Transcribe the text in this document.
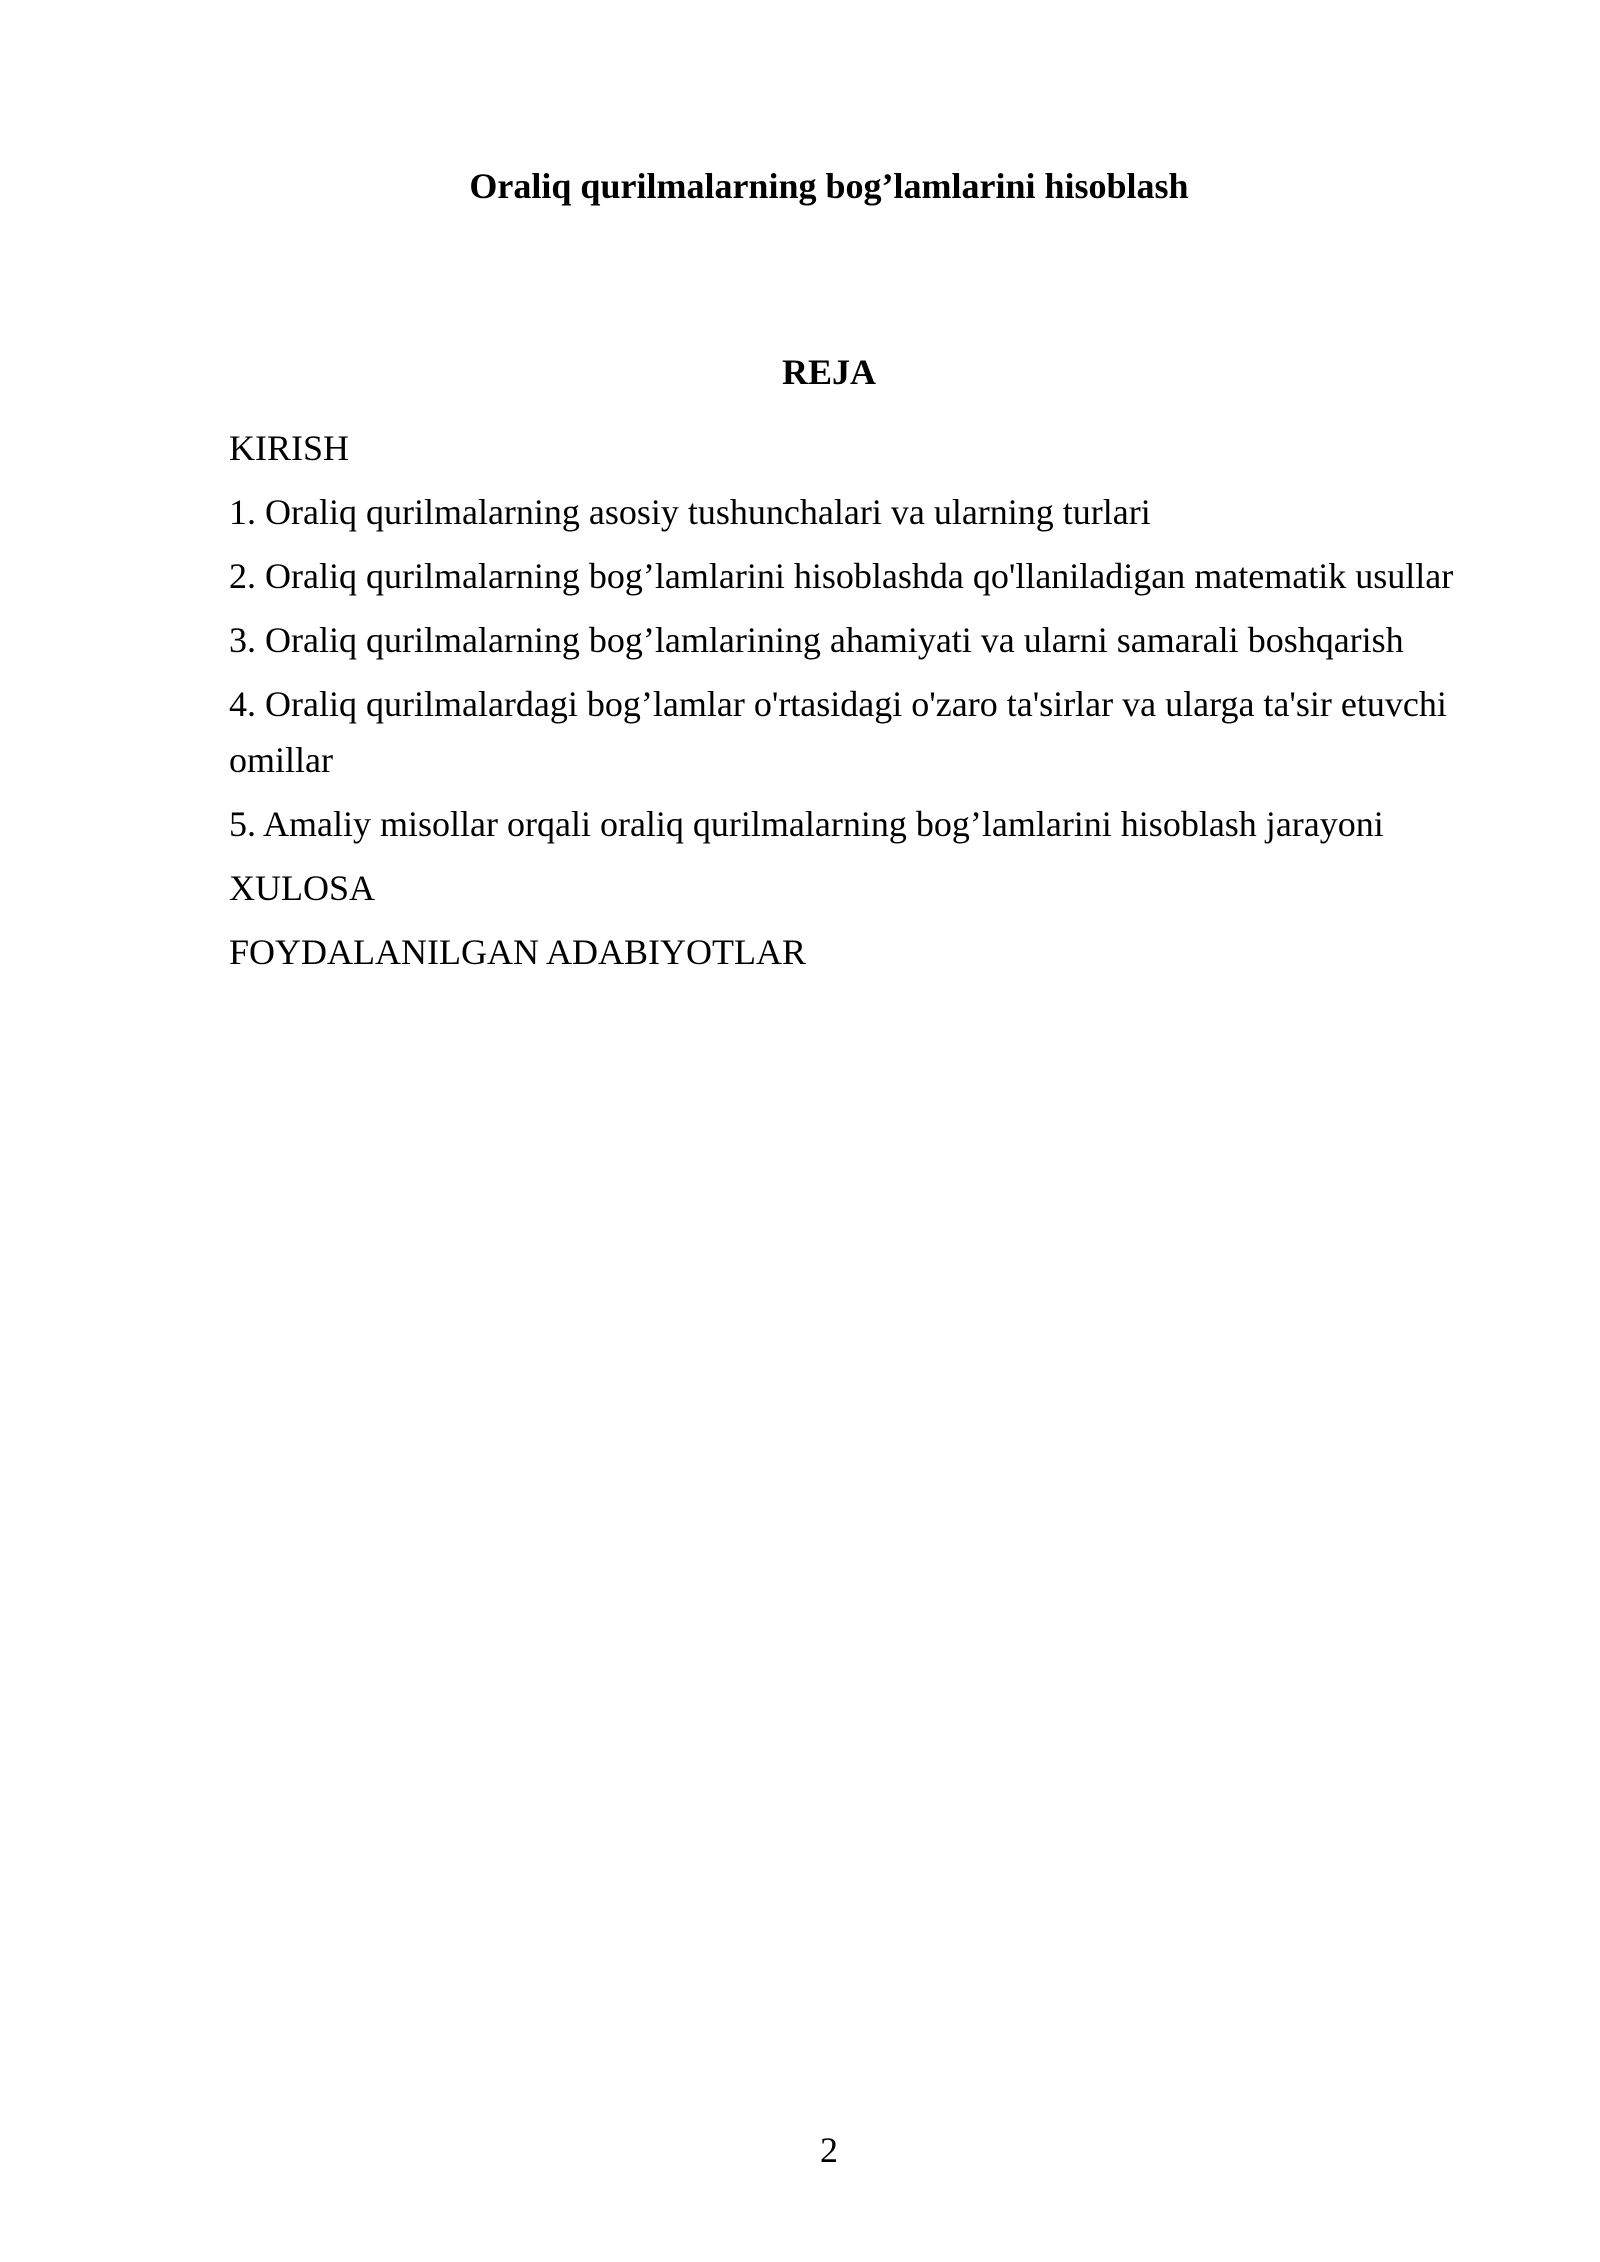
Oraliq qurilmalarning bog’lamlarini hisoblash
REJA
KIRISH
1. Oraliq qurilmalarning asosiy tushunchalari va ularning turlari
2. Oraliq qurilmalarning bog’lamlarini hisoblashda qo'llaniladigan matematik usullar
3. Oraliq qurilmalarning bog’lamlarining ahamiyati va ularni samarali boshqarish
4. Oraliq qurilmalardagi bog’lamlar o'rtasidagi o'zaro ta'sirlar va ularga ta'sir etuvchi omillar
5. Amaliy misollar orqali oraliq qurilmalarning bog’lamlarini hisoblash jarayoni
XULOSA
FOYDALANILGAN ADABIYOTLAR
2
